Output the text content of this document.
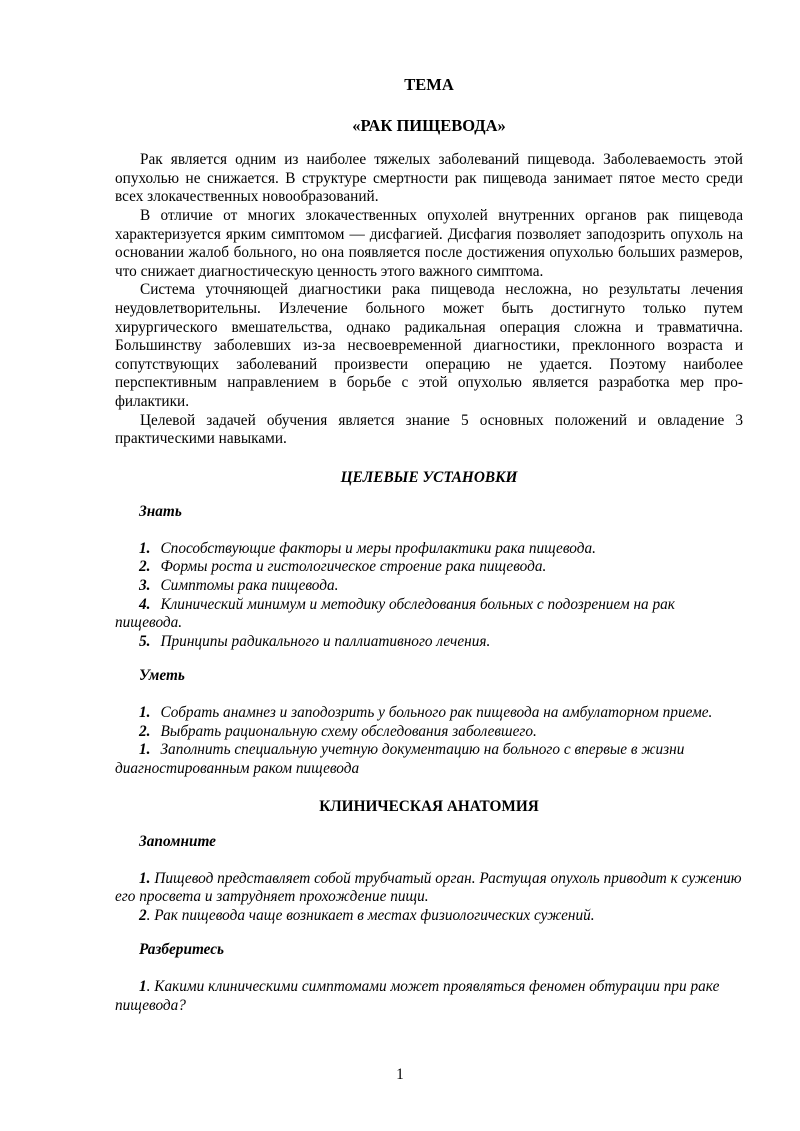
ТЕМА

«РАК ПИЩЕВОДА»

Рак является одним из наиболее тяжелых заболеваний пищевода. Заболеваемость этой опухолью не снижается. В структуре смертности рак пищевода занимает пятое место среди всех злокачественных новообразований.

В отличие от многих злокачественных опухолей внутренних органов рак пищевода характеризуется ярким симптомом — дисфагией. Дисфагия позволяет заподозрить опухоль на основании жалоб больного, но она появляется после достижения опухолью больших размеров, что снижает диагностическую ценность этого важного симптома.

Система уточняющей диагностики рака пищевода несложна, но результаты лечения неудовлетворительны. Излечение больного может быть достигнуто только путем хирургического вмешательства, однако радикальная операция сложна и травматична. Большинству заболевших из-за несвоевременной диагностики, преклонного возраста и сопутствующих заболеваний произвести операцию не удается. Поэтому наиболее перспективным направлением в борьбе с этой опухолью является разработка мер про-филактики.

Целевой задачей обучения является знание 5 основных положений и овладение 3 практическими навыками.

ЦЕЛЕВЫЕ УСТАНОВКИ

Знать

1. Способствующие факторы и меры профилактики рака пищевода.

2. Формы роста и гистологическое строение рака пищевода.

3. Симптомы рака пищевода.

4. Клинический минимум и методику обследования больных с подозрением на рак пищевода.

5. Принципы радикального и паллиативного лечения.

Уметь

1. Собрать анамнез и заподозрить у больного рак пищевода на амбулаторном приеме.

2. Выбрать рациональную схему обследования заболевшего.

1. Заполнить специальную учетную документацию на больного с впервые в жизни диагностированным раком пищевода

КЛИНИЧЕСКАЯ АНАТОМИЯ

Запомните

1. Пищевод представляет собой трубчатый орган. Растущая опухоль приводит к сужению его просвета и затрудняет прохождение пищи.

2. Рак пищевода чаще возникает в местах физиологических сужений.

Разберитесь

1. Какими клиническими симптомами может проявляться феномен обтурации при раке пищевода?

1
